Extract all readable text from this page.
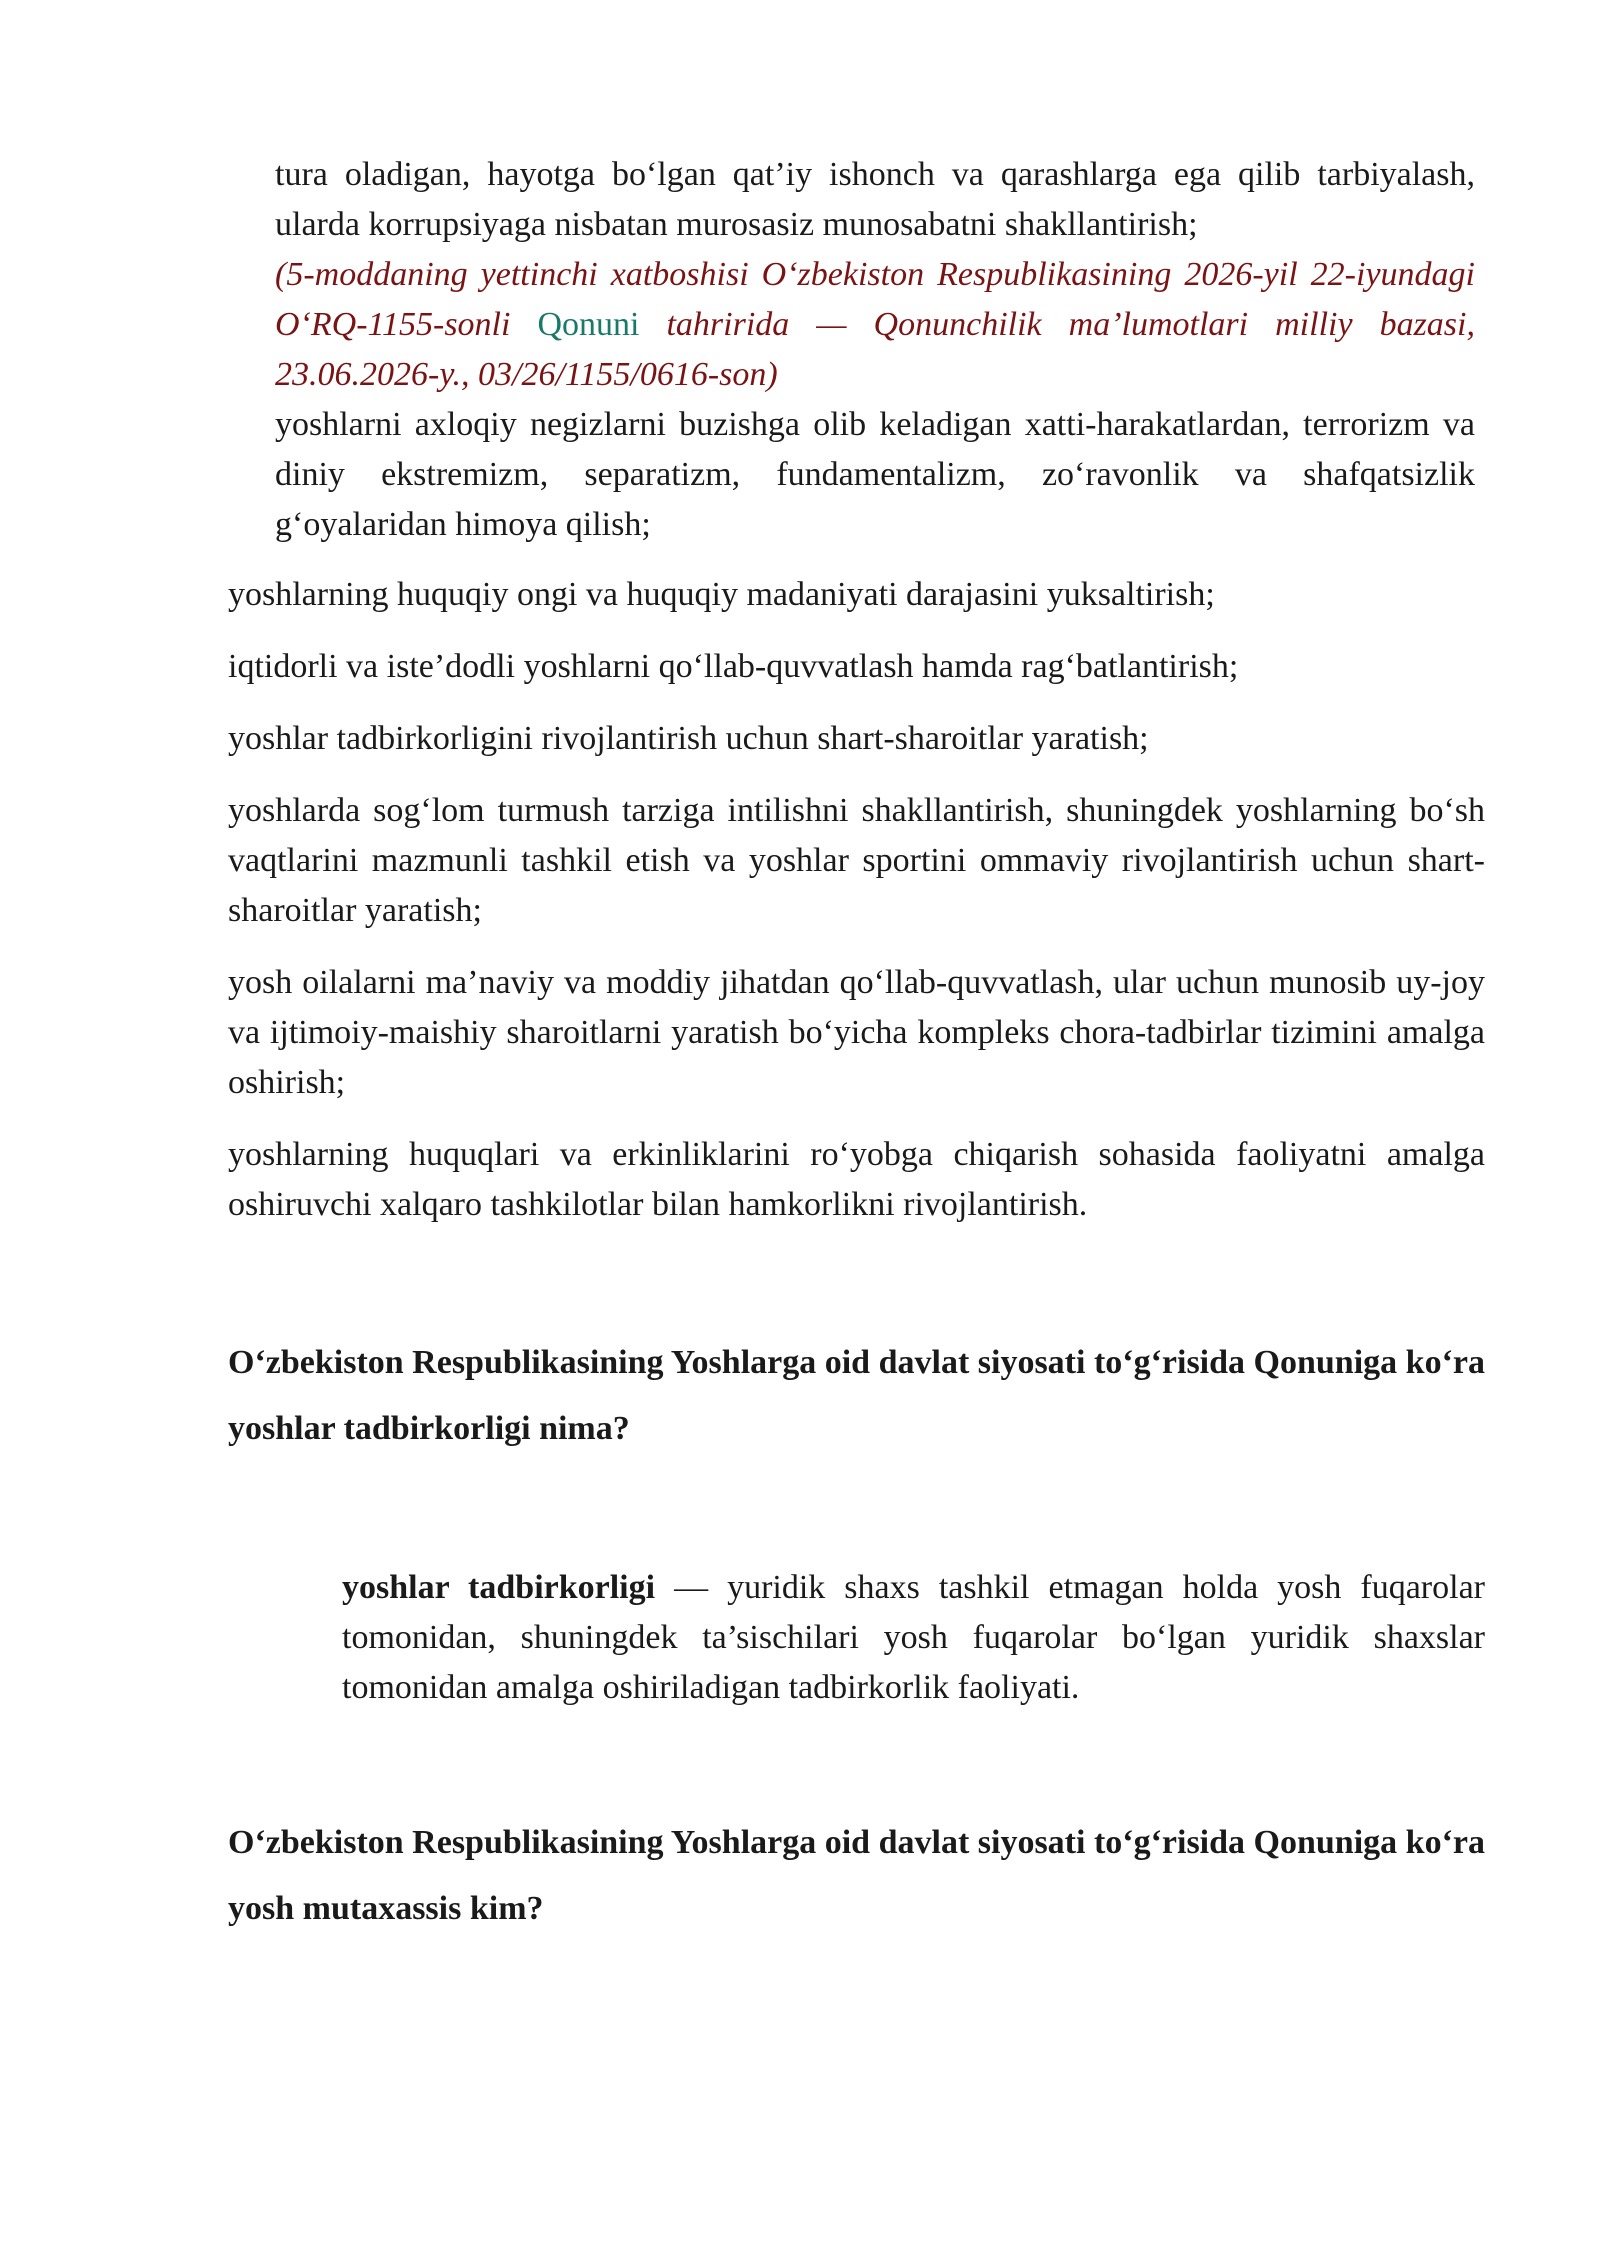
tura oladigan, hayotga bo‘lgan qat’iy ishonch va qarashlarga ega qilib tarbiyalash, ularda korrupsiyaga nisbatan murosasiz munosabatni shakllantirish;

(5-moddaning yettinchi xatboshisi O‘zbekiston Respublikasining 2026-yil 22-iyundagi O‘RQ-1155-sonli Qonuni tahririda — Qonunchilik ma’lumotlari milliy bazasi, 23.06.2026-y., 03/26/1155/0616-son)

yoshlarni axloqiy negizlarni buzishga olib keladigan xatti-harakatlardan, terrorizm va diniy ekstremizm, separatizm, fundamentalizm, zo‘ravonlik va shafqatsizlik g‘oyalaridan himoya qilish;

yoshlarning huquqiy ongi va huquqiy madaniyati darajasini yuksaltirish;

iqtidorli va iste’dodli yoshlarni qo‘llab-quvvatlash hamda rag‘batlantirish;

yoshlar tadbirkorligini rivojlantirish uchun shart-sharoitlar yaratish;

yoshlarda sog‘lom turmush tarziga intilishni shakllantirish, shuningdek yoshlarning bo‘sh vaqtlarini mazmunli tashkil etish va yoshlar sportini ommaviy rivojlantirish uchun shart-sharoitlar yaratish;

yosh oilalarni ma’naviy va moddiy jihatdan qo‘llab-quvvatlash, ular uchun munosib uy-joy va ijtimoiy-maishiy sharoitlarni yaratish bo‘yicha kompleks chora-tadbirlar tizimini amalga oshirish;

yoshlarning huquqlari va erkinliklarini ro‘yobga chiqarish sohasida faoliyatni amalga oshiruvchi xalqaro tashkilotlar bilan hamkorlikni rivojlantirish.

O‘zbekiston Respublikasining Yoshlarga oid davlat siyosati to‘g‘risida Qonuniga ko‘ra yoshlar tadbirkorligi nima?

yoshlar tadbirkorligi — yuridik shaxs tashkil etmagan holda yosh fuqarolar tomonidan, shuningdek ta’sischilari yosh fuqarolar bo‘lgan yuridik shaxslar tomonidan amalga oshiriladigan tadbirkorlik faoliyati.

O‘zbekiston Respublikasining Yoshlarga oid davlat siyosati to‘g‘risida Qonuniga ko‘ra yosh mutaxassis kim?
